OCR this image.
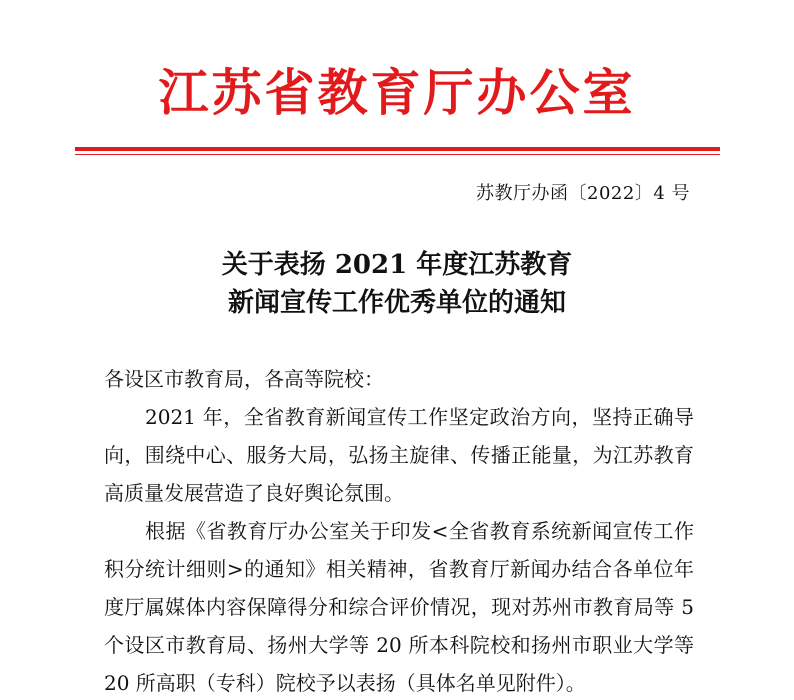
江苏省教育厅办公室
苏教厅办函〔2022〕4 号
关于表扬 2021 年度江苏教育
新闻宣传工作优秀单位的通知

各设区市教育局，各高等院校：

2021 年，全省教育新闻宣传工作坚定政治方向，坚持正确导向，围绕中心、服务大局，弘扬主旋律、传播正能量，为江苏教育高质量发展营造了良好舆论氛围。

根据《省教育厅办公室关于印发<全省教育系统新闻宣传工作积分统计细则>的通知》相关精神，省教育厅新闻办结合各单位年度厅属媒体内容保障得分和综合评价情况，现对苏州市教育局等 5 个设区市教育局、扬州大学等 20 所本科院校和扬州市职业大学等 20 所高职（专科）院校予以表扬（具体名单见附件）。
